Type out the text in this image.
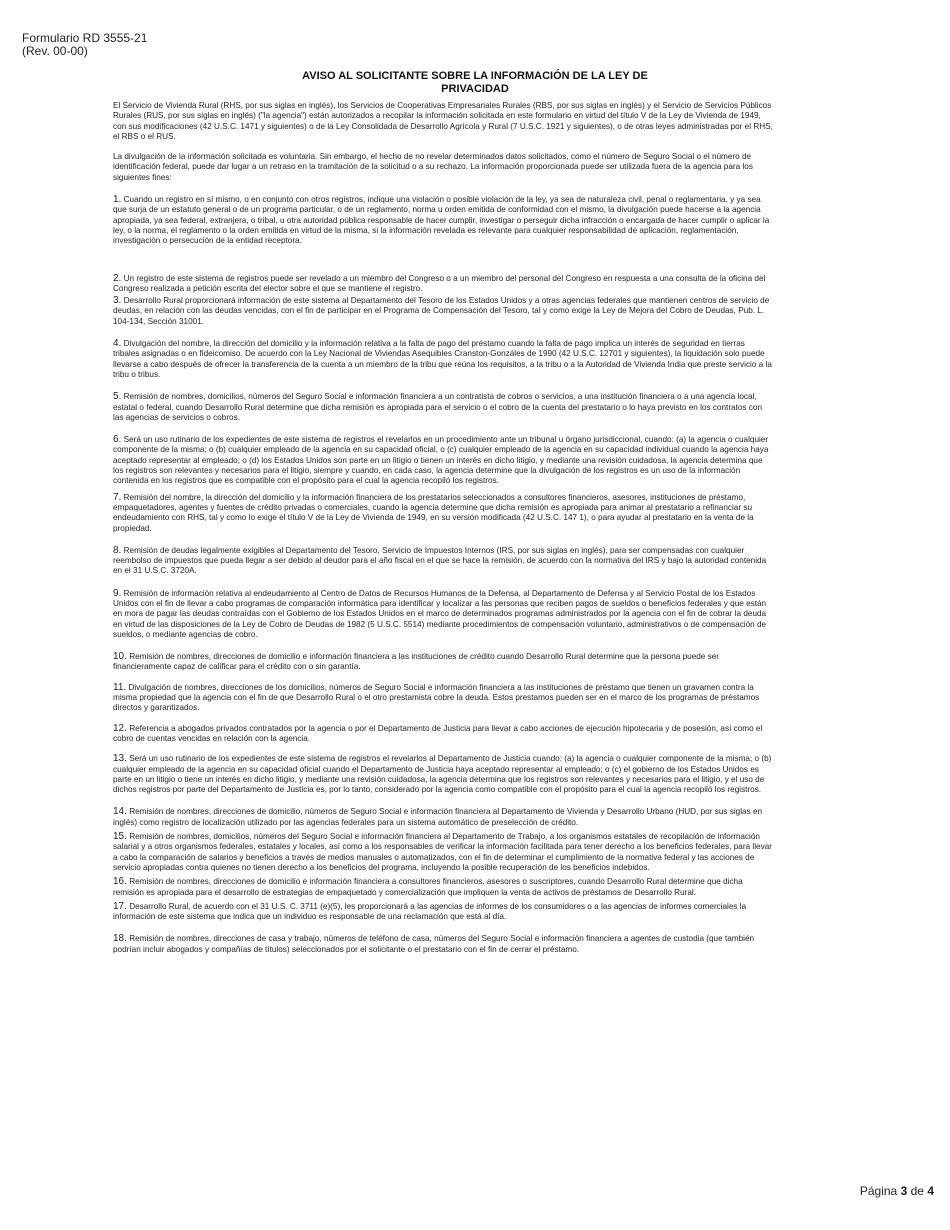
Formulario RD 3555-21
(Rev. 00-00)
AVISO AL SOLICITANTE SOBRE LA INFORMACIÓN DE LA LEY DE
PRIVACIDAD

El Servicio de Vivienda Rural (RHS, por sus siglas en inglés), los Servicios de Cooperativas Empresariales Rurales (RBS, por sus siglas en inglés) y el Servicio de Servicios Públicos Rurales (RUS, por sus siglas en inglés) ("la agencia") están autorizados a recopilar la información solicitada en este formulario en virtud del título V de la Ley de Vivienda de 1949, con sus modificaciones (42 U.S.C. 1471 y siguientes) o de la Ley Consolidada de Desarrollo Agrícola y Rural (7 U.S.C. 1921 y siguientes), o de otras leyes administradas por el RHS, el RBS o el RUS.

La divulgación de la información solicitada es voluntaria. Sin embargo, el hecho de no revelar determinados datos solicitados, como el número de Seguro Social o el número de identificación federal, puede dar lugar a un retraso en la tramitación de la solicitud o a su rechazo. La información proporcionada puede ser utilizada fuera de la agencia para los siguientes fines:

1. Cuando un registro en sí mismo, o en conjunto con otros registros, indique una violación o posible violación de la ley, ya sea de naturaleza civil, penal o reglamentaria, y ya sea que surja de un estatuto general o de un programa particular, o de un reglamento, norma u orden emitida de conformidad con el mismo, la divulgación puede hacerse a la agencia apropiada, ya sea federal, extranjera, o tribal, u otra autoridad pública responsable de hacer cumplir, investigar o perseguir dicha infracción o encargada de hacer cumplir o aplicar la ley, o la norma, el reglamento o la orden emitida en virtud de la misma, si la información revelada es relevante para cualquier responsabilidad de aplicación, reglamentación, investigación o persecución de la entidad receptora.

2. Un registro de este sistema de registros puede ser revelado a un miembro del Congreso o a un miembro del personal del Congreso en respuesta a una consulta de la oficina del Congreso realizada a petición escrita del elector sobre el que se mantiene el registro.

3. Desarrollo Rural proporcionará información de este sistema al Departamento del Tesoro de los Estados Unidos y a otras agencias federales que mantienen centros de servicio de deudas, en relación con las deudas vencidas, con el fin de participar en el Programa de Compensación del Tesoro, tal y como exige la Ley de Mejora del Cobro de Deudas, Pub. L. 104-134, Sección 31001.

4. Divulgación del nombre, la dirección del domicilio y la información relativa a la falta de pago del préstamo cuando la falta de pago implica un interés de seguridad en tierras tribales asignadas o en fideicomiso. De acuerdo con la Ley Nacional de Viviendas Asequibles Cranston-Gonzáles de 1990 (42 U.S.C. 12701 y siguientes), la liquidación solo puede llevarse a cabo después de ofrecer la transferencia de la cuenta a un miembro de la tribu que reúna los requisitos, a la tribu o a la Autoridad de Vivienda India que preste servicio a la tribu o tribus.

5. Remisión de nombres, domicilios, números del Seguro Social e información financiera a un contratista de cobros o servicios, a una institución financiera o a una agencia local, estatal o federal, cuando Desarrollo Rural determine que dicha remisión es apropiada para el servicio o el cobro de la cuenta del prestatario o lo haya previsto en los contratos con las agencias de servicios o cobros.

6. Será un uso rutinario de los expedientes de este sistema de registros el revelarlos en un procedimiento ante un tribunal u órgano jurisdiccional, cuando: (a) la agencia o cualquier componente de la misma; o (b) cualquier empleado de la agencia en su capacidad oficial, o (c) cualquier empleado de la agencia en su capacidad individual cuando la agencia haya aceptado representar al empleado; o (d) los Estados Unidos son parte en un litigio o tienen un interés en dicho litigio, y mediante una revisión cuidadosa, la agencia determina que los registros son relevantes y necesarios para el litigio, siempre y cuando, en cada caso, la agencia determine que la divulgación de los registros es un uso de la información contenida en los registros que es compatible con el propósito para el cual la agencia recopiló los registros.

7. Remisión del nombre, la dirección del domicilio y la información financiera de los prestatarios seleccionados a consultores financieros, asesores, instituciones de préstamo, empaquetadores, agentes y fuentes de crédito privadas o comerciales, cuando la agencia determine que dicha remisión es apropiada para animar al prestatario a refinanciar su endeudamiento con RHS, tal y como lo exige el título V de la Ley de Vivienda de 1949, en su versión modificada (42 U.S.C. 147 1), o para ayudar al prestatario en la venta de la propiedad.

8. Remisión de deudas legalmente exigibles al Departamento del Tesoro, Servicio de Impuestos Internos (IRS, por sus siglas en inglés), para ser compensadas con cualquier reembolso de impuestos que pueda llegar a ser debido al deudor para el año fiscal en el que se hace la remisión, de acuerdo con la normativa del IRS y bajo la autoridad contenida en el 31 U.S.C. 3720A.

9. Remisión de información relativa al endeudamiento al Centro de Datos de Recursos Humanos de la Defensa, al Departamento de Defensa y al Servicio Postal de los Estados Unidos con el fin de llevar a cabo programas de comparación informática para identificar y localizar a las personas que reciben pagos de sueldos o beneficios federales y que están en mora de pagar las deudas contraídas con el Gobierno de los Estados Unidos en el marco de determinados programas administrados por la agencia con el fin de cobrar la deuda en virtud de las disposiciones de la Ley de Cobro de Deudas de 1982 (5 U.S.C. 5514) mediante procedimientos de compensación voluntario, administrativos o de compensación de sueldos, o mediante agencias de cobro.

10. Remisión de nombres, direcciones de domicilio e información financiera a las instituciones de crédito cuando Desarrollo Rural determine que la persona puede ser financieramente capaz de calificar para el crédito con o sin garantía.

11. Divulgación de nombres, direcciones de los domicilios, números de Seguro Social e información financiera a las instituciones de préstamo que tienen un gravamen contra la misma propiedad que la agencia con el fin de que Desarrollo Rural o el otro prestamista cobre la deuda. Estos prestamos pueden ser en el marco de los programas de préstamos directos y garantizados.

12. Referencia a abogados privados contratados por la agencia o por el Departamento de Justicia para llevar a cabo acciones de ejecución hipotecaria y de posesión, así como el cobro de cuentas vencidas en relación con la agencia.

13. Será un uso rutinario de los expedientes de este sistema de registros el revelarlos al Departamento de Justicia cuando: (a) la agencia o cualquier componente de la misma; o (b) cualquier empleado de la agencia en su capacidad oficial cuando el Departamento de Justicia haya aceptado representar al empleado; o (c) el gobierno de los Estados Unidos es parte en un litigio o tiene un interés en dicho litigio, y mediante una revisión cuidadosa, la agencia determina que los registros son relevantes y necesarios para el litigio, y el uso de dichos registros por parte del Departamento de Justicia es, por lo tanto, considerado por la agencia como compatible con el propósito para el cual la agencia recopiló los registros.

14. Remisión de nombres, direcciones de domicilio, números de Seguro Social e información financiera al Departamento de Vivienda y Desarrollo Urbano (HUD, por sus siglas en inglés) como registro de localización utilizado por las agencias federales para un sistema automático de preselección de crédito.

15. Remisión de nombres, domicilios, números del Seguro Social e información financiera al Departamento de Trabajo, a los organismos estatales de recopilación de información salarial y a otros organismos federales, estatales y locales, así como a los responsables de verificar la información facilitada para tener derecho a los beneficios federales, para llevar a cabo la comparación de salarios y beneficios a través de medios manuales o automatizados, con el fin de determinar el cumplimiento de la normativa federal y las acciones de servicio apropiadas contra quienes no tienen derecho a los beneficios del programa, incluyendo la posible recuperación de los beneficios indebidos.

16. Remisión de nombres, direcciones de domicilio e información financiera a consultores financieros, asesores o suscriptores, cuando Desarrollo Rural determine que dicha remisión es apropiada para el desarrollo de estrategias de empaquetado y comercialización que impliquen la venta de activos de préstamos de Desarrollo Rural.

17. Desarrollo Rural, de acuerdo con el 31 U.S. C. 3711 (e)(5), les proporcionará a las agencias de informes de los consumidores o a las agencias de informes comerciales la información de este sistema que indica que un individuo es responsable de una reclamación que está al día.

18. Remisión de nombres, direcciones de casa y trabajo, números de teléfono de casa, números del Seguro Social e información financiera a agentes de custodia (que también podrían incluir abogados y compañías de títulos) seleccionados por el solicitante o el prestatario con el fin de cerrar el préstamo.

Página 3 de 4
